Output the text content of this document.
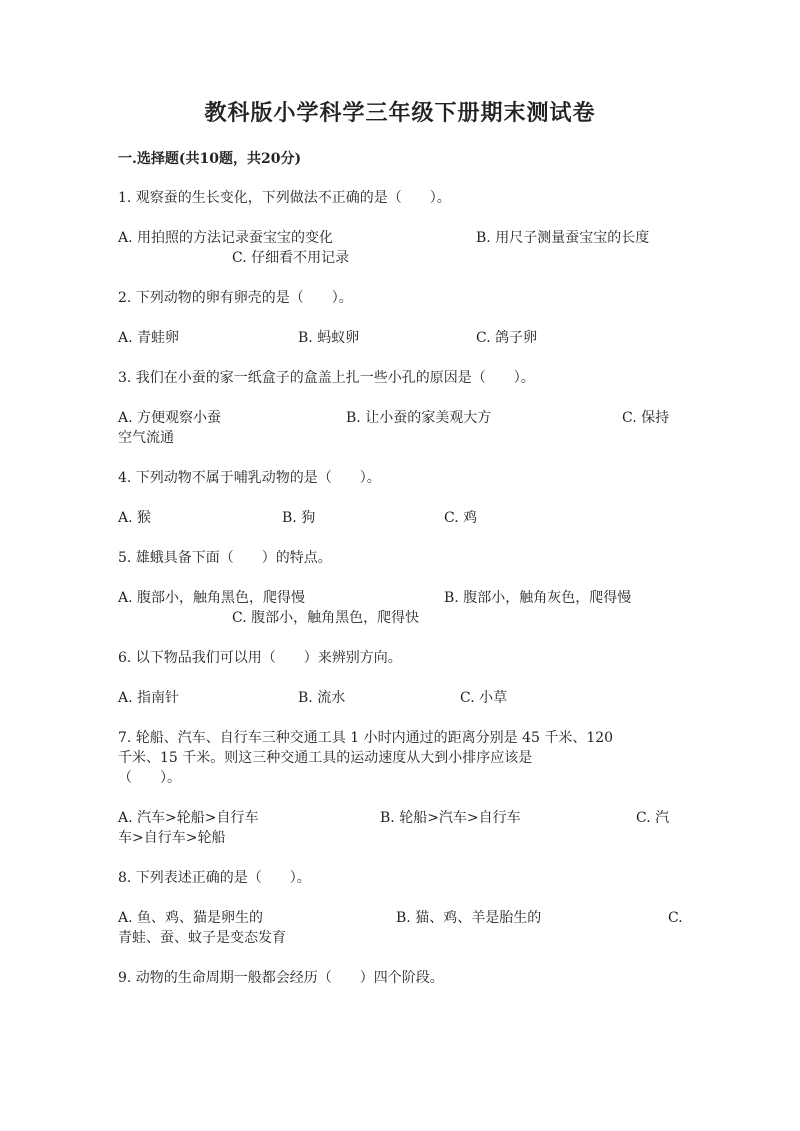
教科版小学科学三年级下册期末测试卷
一.选择题(共10题，共20分)
1. 观察蚕的生长变化，下列做法不正确的是（　　）。
A. 用拍照的方法记录蚕宝宝的变化	B. 用尺子测量蚕宝宝的长度
C. 仔细看不用记录
2. 下列动物的卵有卵壳的是（　　）。
A. 青蛙卵	B. 蚂蚁卵	C. 鸽子卵
3. 我们在小蚕的家一纸盒子的盒盖上扎一些小孔的原因是（　　）。
A. 方便观察小蚕	B. 让小蚕的家美观大方	C. 保持
空气流通
4. 下列动物不属于哺乳动物的是（　　）。
A. 猴	B. 狗	C. 鸡
5. 雄蛾具备下面（　　）的特点。
A. 腹部小，触角黑色，爬得慢	B. 腹部小，触角灰色，爬得慢
C. 腹部小，触角黑色，爬得快
6. 以下物品我们可以用（　　）来辨别方向。
A. 指南针	B. 流水	C. 小草
7. 轮船、汽车、自行车三种交通工具 1 小时内通过的距离分别是 45 千米、120
千米、15 千米。则这三种交通工具的运动速度从大到小排序应该是
（　　）。
A. 汽车>轮船>自行车	B. 轮船>汽车>自行车	C. 汽
车>自行车>轮船
8. 下列表述正确的是（　　）。
A. 鱼、鸡、猫是卵生的	B. 猫、鸡、羊是胎生的	C.
青蛙、蚕、蚊子是变态发育
9. 动物的生命周期一般都会经历（　　）四个阶段。
